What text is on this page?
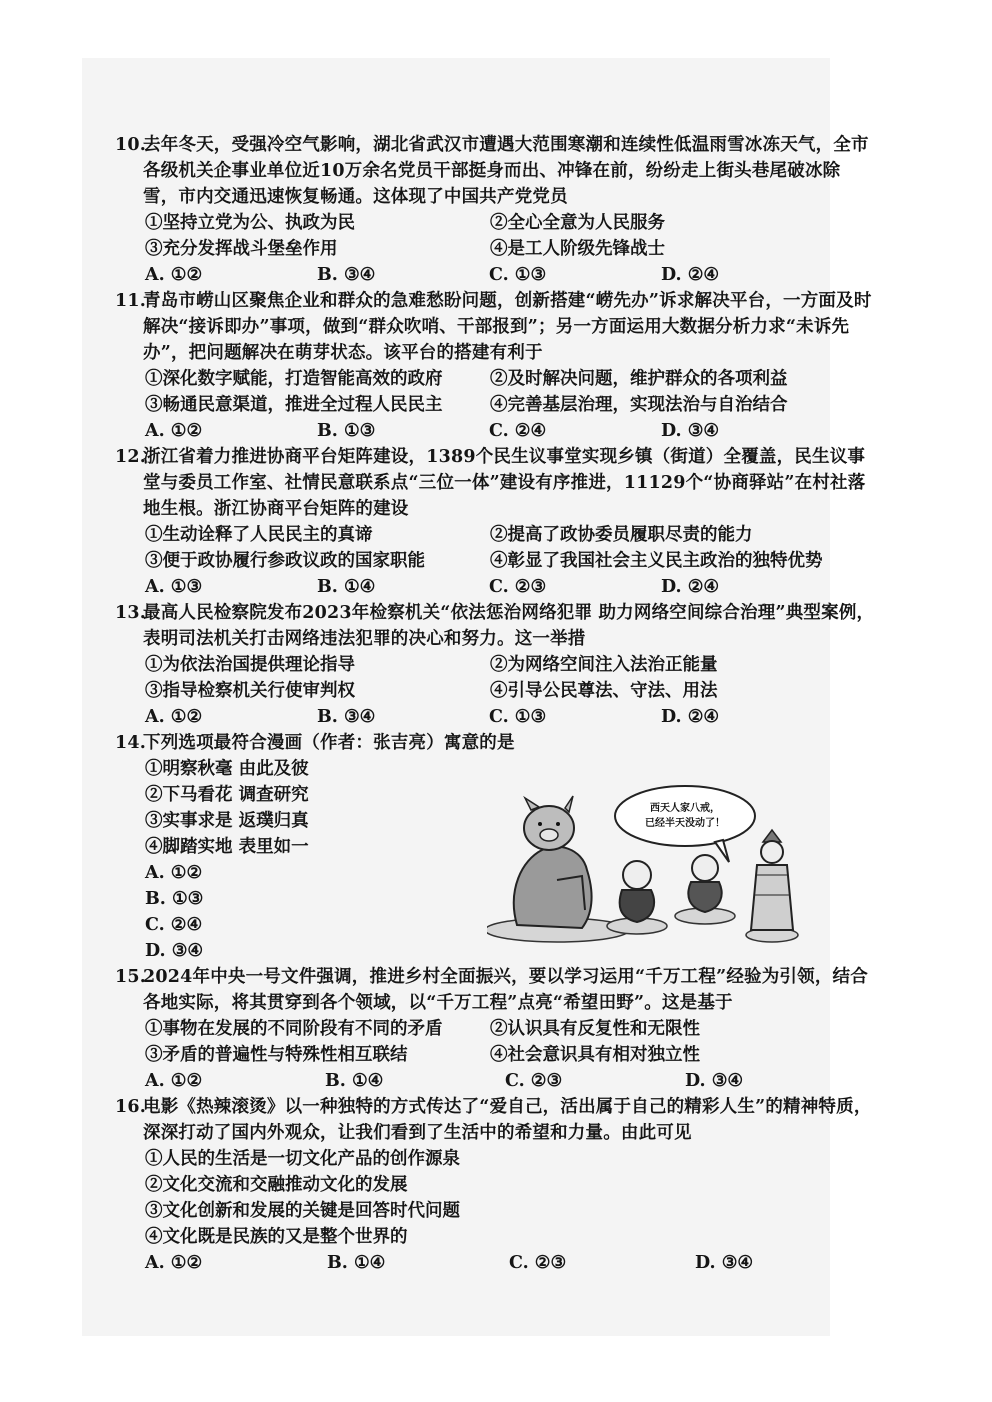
10.去年冬天，受强冷空气影响，湖北省武汉市遭遇大范围寒潮和连续性低温雨雪冰冻天气，全市各级机关企事业单位近10万余名党员干部挺身而出、冲锋在前，纷纷走上街头巷尾破冰除雪，市内交通迅速恢复畅通。这体现了中国共产党党员

①坚持立党为公、执政为民	②全心全意为人民服务
③充分发挥战斗堡垒作用	④是工人阶级先锋战士
A. ①②	B. ③④	C. ①③	D. ②④

11.青岛市崂山区聚焦企业和群众的急难愁盼问题，创新搭建“崂先办”诉求解决平台，一方面及时解决“接诉即办”事项，做到“群众吹哨、干部报到”；另一方面运用大数据分析力求“未诉先办”，把问题解决在萌芽状态。该平台的搭建有利于

①深化数字赋能，打造智能高效的政府	②及时解决问题，维护群众的各项利益
③畅通民意渠道，推进全过程人民民主	④完善基层治理，实现法治与自治结合
A. ①②	B. ①③	C. ②④	D. ③④

12.浙江省着力推进协商平台矩阵建设，1389个民生议事堂实现乡镇（街道）全覆盖，民生议事堂与委员工作室、社情民意联系点“三位一体”建设有序推进，11129个“协商驿站”在村社落地生根。浙江协商平台矩阵的建设

①生动诠释了人民民主的真谛	②提高了政协委员履职尽责的能力
③便于政协履行参政议政的国家职能	④彰显了我国社会主义民主政治的独特优势
A. ①③	B. ①④	C. ②③	D. ②④

13.最高人民检察院发布2023年检察机关“依法惩治网络犯罪 助力网络空间综合治理”典型案例，表明司法机关打击网络违法犯罪的决心和努力。这一举措

①为依法治国提供理论指导	②为网络空间注入法治正能量
③指导检察机关行使审判权	④引导公民尊法、守法、用法
A. ①②	B. ③④	C. ①③	D. ②④

14.下列选项最符合漫画（作者：张吉亮）寓意的是

①明察秋毫 由此及彼
②下马看花 调查研究
③实事求是 返璞归真
④脚踏实地 表里如一
A. ①②
B. ①③
C. ②④
D. ③④

15.2024年中央一号文件强调，推进乡村全面振兴，要以学习运用“千万工程”经验为引领，结合各地实际，将其贯穿到各个领域，以“千万工程”点亮“希望田野”。这是基于

①事物在发展的不同阶段有不同的矛盾	②认识具有反复性和无限性
③矛盾的普遍性与特殊性相互联结	④社会意识具有相对独立性
A. ①②	B. ①④	C. ②③	D. ③④

16.电影《热辣滚烫》以一种独特的方式传达了“爱自己，活出属于自己的精彩人生”的精神特质，深深打动了国内外观众，让我们看到了生活中的希望和力量。由此可见

①人民的生活是一切文化产品的创作源泉
②文化交流和交融推动文化的发展
③文化创新和发展的关键是回答时代问题
④文化既是民族的又是整个世界的
A. ①②	B. ①④	C. ②③	D. ③④
西天人家八戒，
已经半天没动了！
